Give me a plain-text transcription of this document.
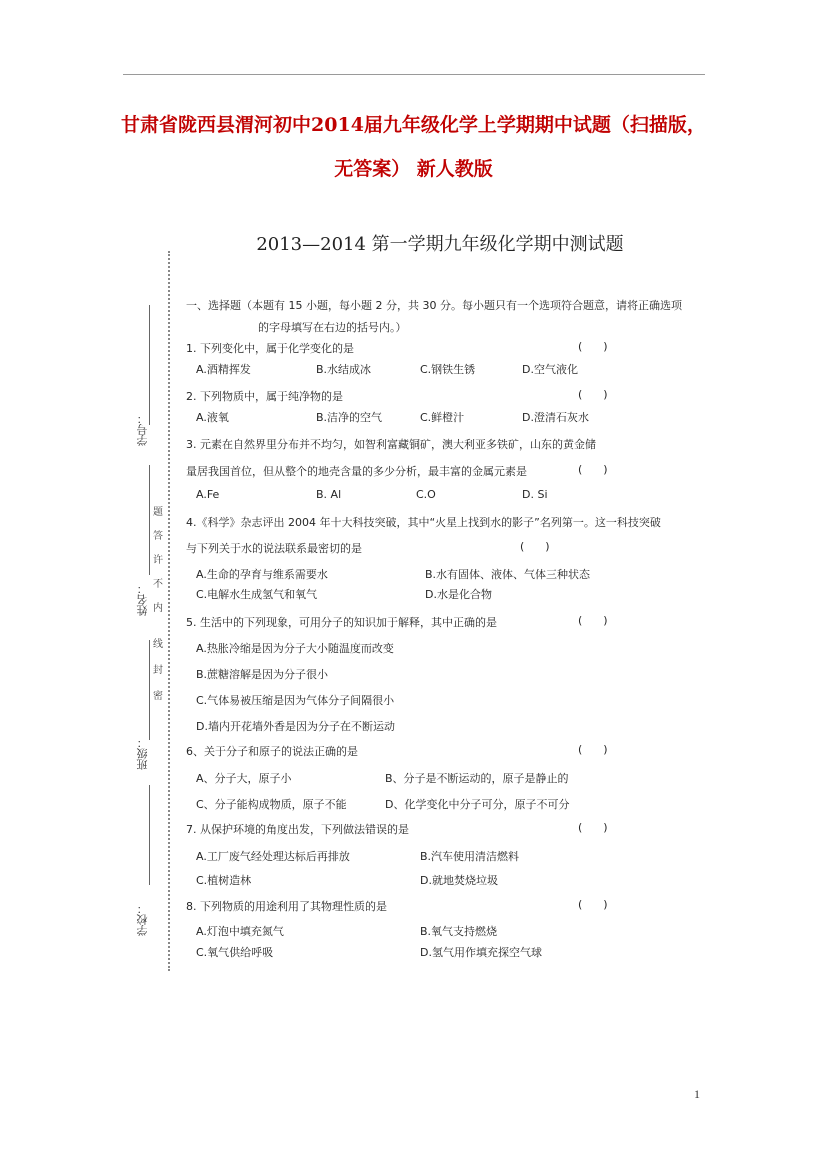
甘肃省陇西县渭河初中2014届九年级化学上学期期中试题（扫描版，
无答案） 新人教版
2013—2014 第一学期九年级化学期中测试题
学号：
姓名：
班级：
学校：
题
答
许
不
内
线
封
密
一、选择题（本题有 15 小题，每小题 2 分，共 30 分。每小题只有一个选项符合题意，请将正确选项
的字母填写在右边的括号内。）
1. 下列变化中，属于化学变化的是	(      )
A.酒精挥发	B.水结成冰	C.钢铁生锈	D.空气液化
2. 下列物质中，属于纯净物的是	(      )
A.液氧	B.洁净的空气	C.鲜橙汁	D.澄清石灰水
3. 元素在自然界里分布并不均匀，如智利富藏铜矿，澳大利亚多铁矿，山东的黄金储
量居我国首位，但从整个的地壳含量的多少分析，最丰富的金属元素是	(      )
A.Fe	B. Al	C.O	D. Si
4.《科学》杂志评出 2004 年十大科技突破，其中“火星上找到水的影子”名列第一。这一科技突破
与下列关于水的说法联系最密切的是	(      )
A.生命的孕育与维系需要水	B.水有固体、液体、气体三种状态
C.电解水生成氢气和氧气	D.水是化合物
5. 生活中的下列现象，可用分子的知识加于解释，其中正确的是	(      )
A.热胀冷缩是因为分子大小随温度而改变
B.蔗糖溶解是因为分子很小
C.气体易被压缩是因为气体分子间隔很小
D.墙内开花墙外香是因为分子在不断运动
6、关于分子和原子的说法正确的是	(      )
A、分子大，原子小	B、分子是不断运动的，原子是静止的
C、分子能构成物质，原子不能	D、化学变化中分子可分，原子不可分
7. 从保护环境的角度出发，下列做法错误的是	(      )
A.工厂废气经处理达标后再排放	B.汽车使用清洁燃料
C.植树造林	D.就地焚烧垃圾
8. 下列物质的用途利用了其物理性质的是	(      )
A.灯泡中填充氮气	B.氧气支持燃烧
C.氧气供给呼吸	D.氢气用作填充探空气球
1
